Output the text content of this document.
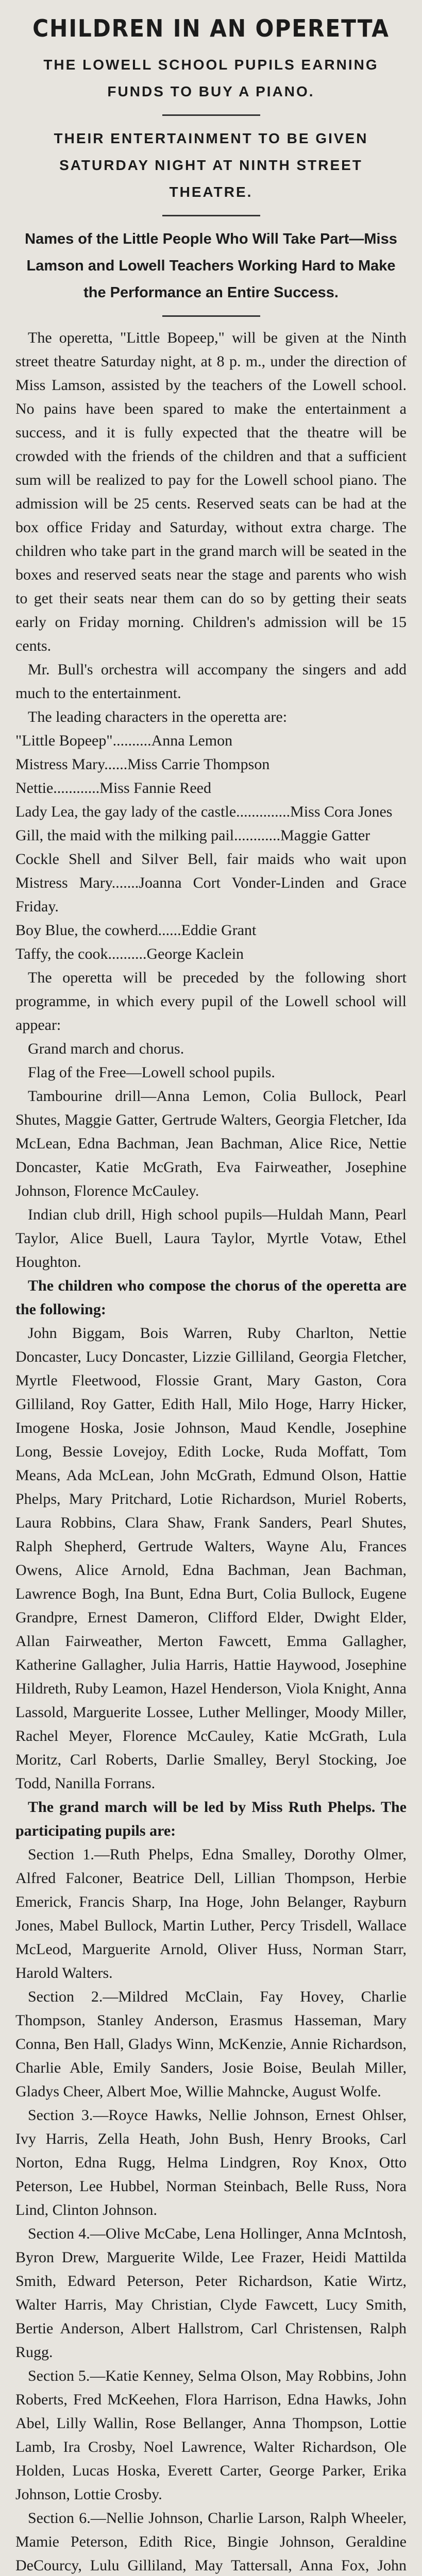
CHILDREN IN AN OPERETTA

THE LOWELL SCHOOL PUPILS EARNING FUNDS TO BUY A PIANO.

THEIR ENTERTAINMENT TO BE GIVEN SATURDAY NIGHT AT NINTH STREET THEATRE.

Names of the Little People Who Will Take Part—Miss Lamson and Lowell Teachers Working Hard to Make the Performance an Entire Success.

The operetta, "Little Bopeep," will be given at the Ninth street theatre Saturday night, at 8 p. m., under the direction of Miss Lamson, assisted by the teachers of the Lowell school. No pains have been spared to make the entertainment a success, and it is fully expected that the theatre will be crowded with the friends of the children and that a sufficient sum will be realized to pay for the Lowell school piano. The admission will be 25 cents. Reserved seats can be had at the box office Friday and Saturday, without extra charge. The children who take part in the grand march will be seated in the boxes and reserved seats near the stage and parents who wish to get their seats near them can do so by getting their seats early on Friday morning. Children's admission will be 15 cents.

Mr. Bull's orchestra will accompany the singers and add much to the entertainment.

The leading characters in the operetta are:

"Little Bopeep"..........Anna Lemon

Mistress Mary......Miss Carrie Thompson

Nettie............Miss Fannie Reed

Lady Lea, the gay lady of the castle..............Miss Cora Jones

Gill, the maid with the milking pail............Maggie Gatter

Cockle Shell and Silver Bell, fair maids who wait upon Mistress Mary.......Joanna Cort Vonder-Linden and Grace Friday.

Boy Blue, the cowherd......Eddie Grant

Taffy, the cook..........George Kaclein

The operetta will be preceded by the following short programme, in which every pupil of the Lowell school will appear:

Grand march and chorus.

Flag of the Free—Lowell school pupils.

Tambourine drill—Anna Lemon, Colia Bullock, Pearl Shutes, Maggie Gatter, Gertrude Walters, Georgia Fletcher, Ida McLean, Edna Bachman, Jean Bachman, Alice Rice, Nettie Doncaster, Katie McGrath, Eva Fairweather, Josephine Johnson, Florence McCauley.

Indian club drill, High school pupils—Huldah Mann, Pearl Taylor, Alice Buell, Laura Taylor, Myrtle Votaw, Ethel Houghton.

The children who compose the chorus of the operetta are the following:

John Biggam, Bois Warren, Ruby Charlton, Nettie Doncaster, Lucy Doncaster, Lizzie Gilliland, Georgia Fletcher, Myrtle Fleetwood, Flossie Grant, Mary Gaston, Cora Gilliland, Roy Gatter, Edith Hall, Milo Hoge, Harry Hicker, Imogene Hoska, Josie Johnson, Maud Kendle, Josephine Long, Bessie Lovejoy, Edith Locke, Ruda Moffatt, Tom Means, Ada McLean, John McGrath, Edmund Olson, Hattie Phelps, Mary Pritchard, Lotie Richardson, Muriel Roberts, Laura Robbins, Clara Shaw, Frank Sanders, Pearl Shutes, Ralph Shepherd, Gertrude Walters, Wayne Alu, Frances Owens, Alice Arnold, Edna Bachman, Jean Bachman, Lawrence Bogh, Ina Bunt, Edna Burt, Colia Bullock, Eugene Grandpre, Ernest Dameron, Clifford Elder, Dwight Elder, Allan Fairweather, Merton Fawcett, Emma Gallagher, Katherine Gallagher, Julia Harris, Hattie Haywood, Josephine Hildreth, Ruby Leamon, Hazel Henderson, Viola Knight, Anna Lassold, Marguerite Lossee, Luther Mellinger, Moody Miller, Rachel Meyer, Florence McCauley, Katie McGrath, Lula Moritz, Carl Roberts, Darlie Smalley, Beryl Stocking, Joe Todd, Nanilla Forrans.

The grand march will be led by Miss Ruth Phelps. The participating pupils are:

Section 1.—Ruth Phelps, Edna Smalley, Dorothy Olmer, Alfred Falconer, Beatrice Dell, Lillian Thompson, Herbie Emerick, Francis Sharp, Ina Hoge, John Belanger, Rayburn Jones, Mabel Bullock, Martin Luther, Percy Trisdell, Wallace McLeod, Marguerite Arnold, Oliver Huss, Norman Starr, Harold Walters.

Section 2.—Mildred McClain, Fay Hovey, Charlie Thompson, Stanley Anderson, Erasmus Hasseman, Mary Conna, Ben Hall, Gladys Winn, McKenzie, Annie Richardson, Charlie Able, Emily Sanders, Josie Boise, Beulah Miller, Gladys Cheer, Albert Moe, Willie Mahncke, August Wolfe.

Section 3.—Royce Hawks, Nellie Johnson, Ernest Ohlser, Ivy Harris, Zella Heath, John Bush, Henry Brooks, Carl Norton, Edna Rugg, Helma Lindgren, Roy Knox, Otto Peterson, Lee Hubbel, Norman Steinbach, Belle Russ, Nora Lind, Clinton Johnson.

Section 4.—Olive McCabe, Lena Hollinger, Anna McIntosh, Byron Drew, Marguerite Wilde, Lee Frazer, Heidi Mattilda Smith, Edward Peterson, Peter Richardson, Katie Wirtz, Walter Harris, May Christian, Clyde Fawcett, Lucy Smith, Bertie Anderson, Albert Hallstrom, Carl Christensen, Ralph Rugg.

Section 5.—Katie Kenney, Selma Olson, May Robbins, John Roberts, Fred McKeehen, Flora Harrison, Edna Hawks, John Abel, Lilly Wallin, Rose Bellanger, Anna Thompson, Lottie Lamb, Ira Crosby, Noel Lawrence, Walter Richardson, Ole Holden, Lucas Hoska, Everett Carter, George Parker, Erika Johnson, Lottie Crosby.

Section 6.—Nellie Johnson, Charlie Larson, Ralph Wheeler, Mamie Peterson, Edith Rice, Bingie Johnson, Geraldine DeCourcy, Lulu Gilliland, May Tattersall, Anna Fox, John
